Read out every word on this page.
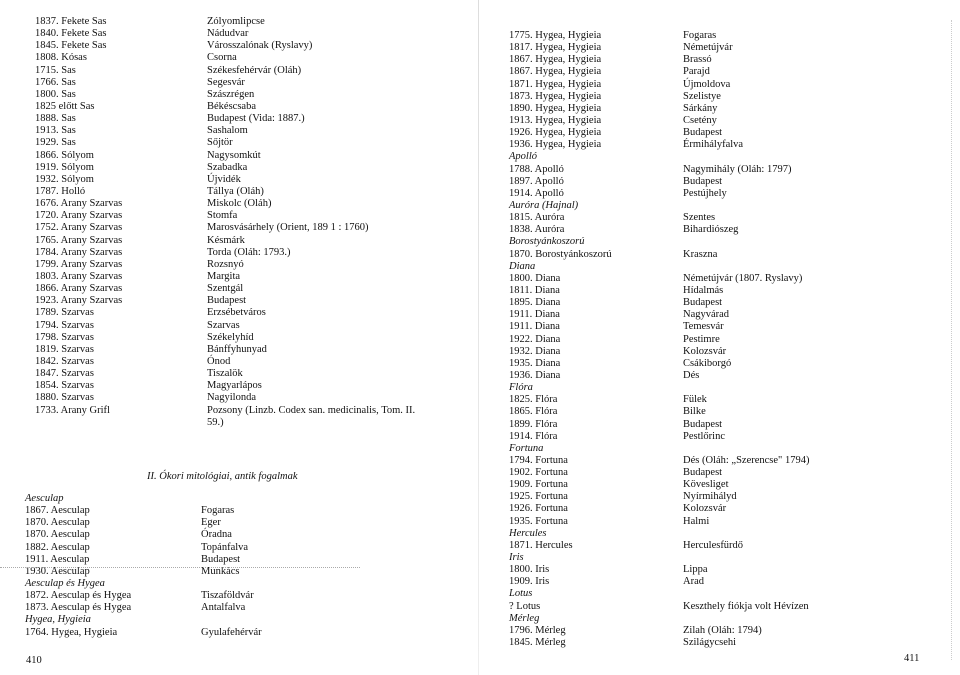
1837. Fekete Sas
1840. Fekete Sas
1845. Fekete Sas
1808. Kósas
1715. Sas
1766. Sas
1800. Sas
1825 előtt Sas
1888. Sas
1913. Sas
1929. Sas
1866. Sólyom
1919. Sólyom
1932. Sólyom
1787. Holló
1676. Arany Szarvas
1720. Arany Szarvas
1752. Arany Szarvas
1765. Arany Szarvas
1784. Arany Szarvas
1799. Arany Szarvas
1803. Arany Szarvas
1866. Arany Szarvas
1923. Arany Szarvas
1789. Szarvas
1794. Szarvas
1798. Szarvas
1819. Szarvas
1842. Szarvas
1847. Szarvas
1854. Szarvas
1880. Szarvas
1733. Arany Grifl
Zólyomlipcse
Nádudvar
Városszalónak (Ryslavy)
Csorna
Székesfehérvár (Oláh)
Segesvár
Szászrégen
Békéscsaba
Budapest (Vida: 1887.)
Sashalom
Sőjtör
Nagysomkút
Szabadka
Újvidék
Tállya (Oláh)
Miskolc (Oláh)
Stomfa
Marosvásárhely (Orient, 189 1 : 1760)
Késmárk
Torda (Oláh: 1793.)
Rozsnyó
Margita
Szentgál
Budapest
Erzsébetváros
Szarvas
Székelyhíd
Bánffyhunyad
Ónod
Tiszalök
Magyarlápos
Nagyilonda
Pozsony (Linzb. Codex san. medicinalis, Tom. II.
59.)
II. Ókori mitológiai, antik fogalmak
Aesculap
1867. Aesculap
1870. Aesculap
1870. Aesculap
1882. Aesculap
1911. Aesculap
1930. Aesculap
Aesculap és Hygea
1872. Aesculap és Hygea
1873. Aesculap és Hygea
Hygea, Hygieia
1764. Hygea, Hygieia

Fogaras
Eger
Óradna
Topánfalva
Budapest
Munkács

Tiszaföldvár
Antalfalva

Gyulafehérvár
410
1775. Hygea, Hygieia
1817. Hygea, Hygieia
1867. Hygea, Hygieia
1867. Hygea, Hygieia
1871. Hygea, Hygieia
1873. Hygea, Hygieia
1890. Hygea, Hygieia
1913. Hygea, Hygieia
1926. Hygea, Hygieia
1936. Hygea, Hygieia
Apolló
1788. Apolló
1897. Apolló
1914. Apolló
Auróra (Hajnal)
1815. Auróra
1838. Auróra
Borostyánkoszorú
1870. Borostyánkoszorú
Diana
1800. Diana
1811. Diana
1895. Diana
1911. Diana
1911. Diana
1922. Diana
1932. Diana
1935. Diana
1936. Diana
Flóra
1825. Flóra
1865. Flóra
1899. Flóra
1914. Flóra
Fortuna
1794. Fortuna
1902. Fortuna
1909. Fortuna
1925. Fortuna
1926. Fortuna
1935. Fortuna
Hercules
1871. Hercules
Iris
1800. Iris
1909. Iris
Lotus
? Lotus
Mérleg
1796. Mérleg
1845. Mérleg
Fogaras
Németújvár
Brassó
Parajd
Újmoldova
Szelistye
Sárkány
Csetény
Budapest
Érmihályfalva

Nagymihály (Oláh: 1797)
Budapest
Pestújhely

Szentes
Bihardiószeg

Kraszna

Németújvár (1807. Ryslavy)
Hídalmás
Budapest
Nagyvárad
Temesvár
Pestimre
Kolozsvár
Csákiborgó
Dés

Fülek
Bilke
Budapest
Pestlőrinc

Dés (Oláh: „Szerencse" 1794)
Budapest
Kövesliget
Nyírmihályd
Kolozsvár
Halmi

Herculesfürdő

Lippa
Arad

Keszthely fiókja volt Hévízen

Zilah (Oláh: 1794)
Szilágycsehi
411
